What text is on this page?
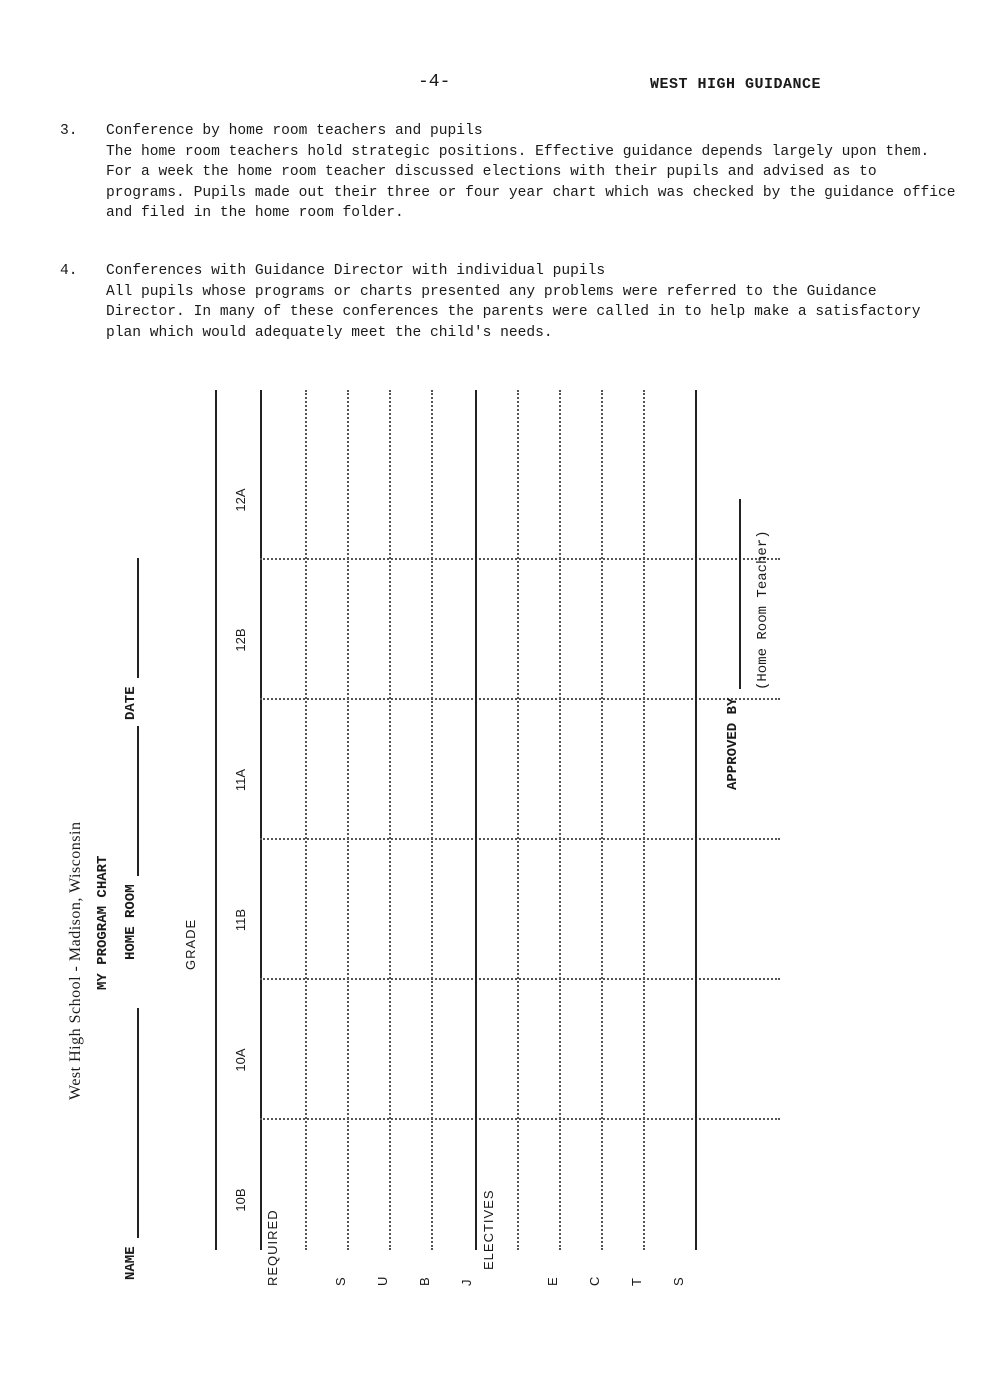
-4-	WEST HIGH GUIDANCE
3. Conference by home room teachers and pupils

The home room teachers hold strategic positions. Effective guidance depends largely upon them. For a week the home room teacher discussed elections with their pupils and advised as to programs. Pupils made out their three or four year chart which was checked by the guidance office and filed in the home room folder.

4. Conferences with Guidance Director with individual pupils

All pupils whose programs or charts presented any problems were referred to the Guidance Director. In many of these conferences the parents were called in to help make a satisfactory plan which would adequately meet the child's needs.

West High School - Madison, Wisconsin MY PROGRAM CHART
NAME
HOME ROOM
DATE
GRADE
10B
10A
11B
11A
12B
12A
REQUIRED	S U B J
ELECTIVES
E C T S
APPROVED BY
(Home Room Teacher)
